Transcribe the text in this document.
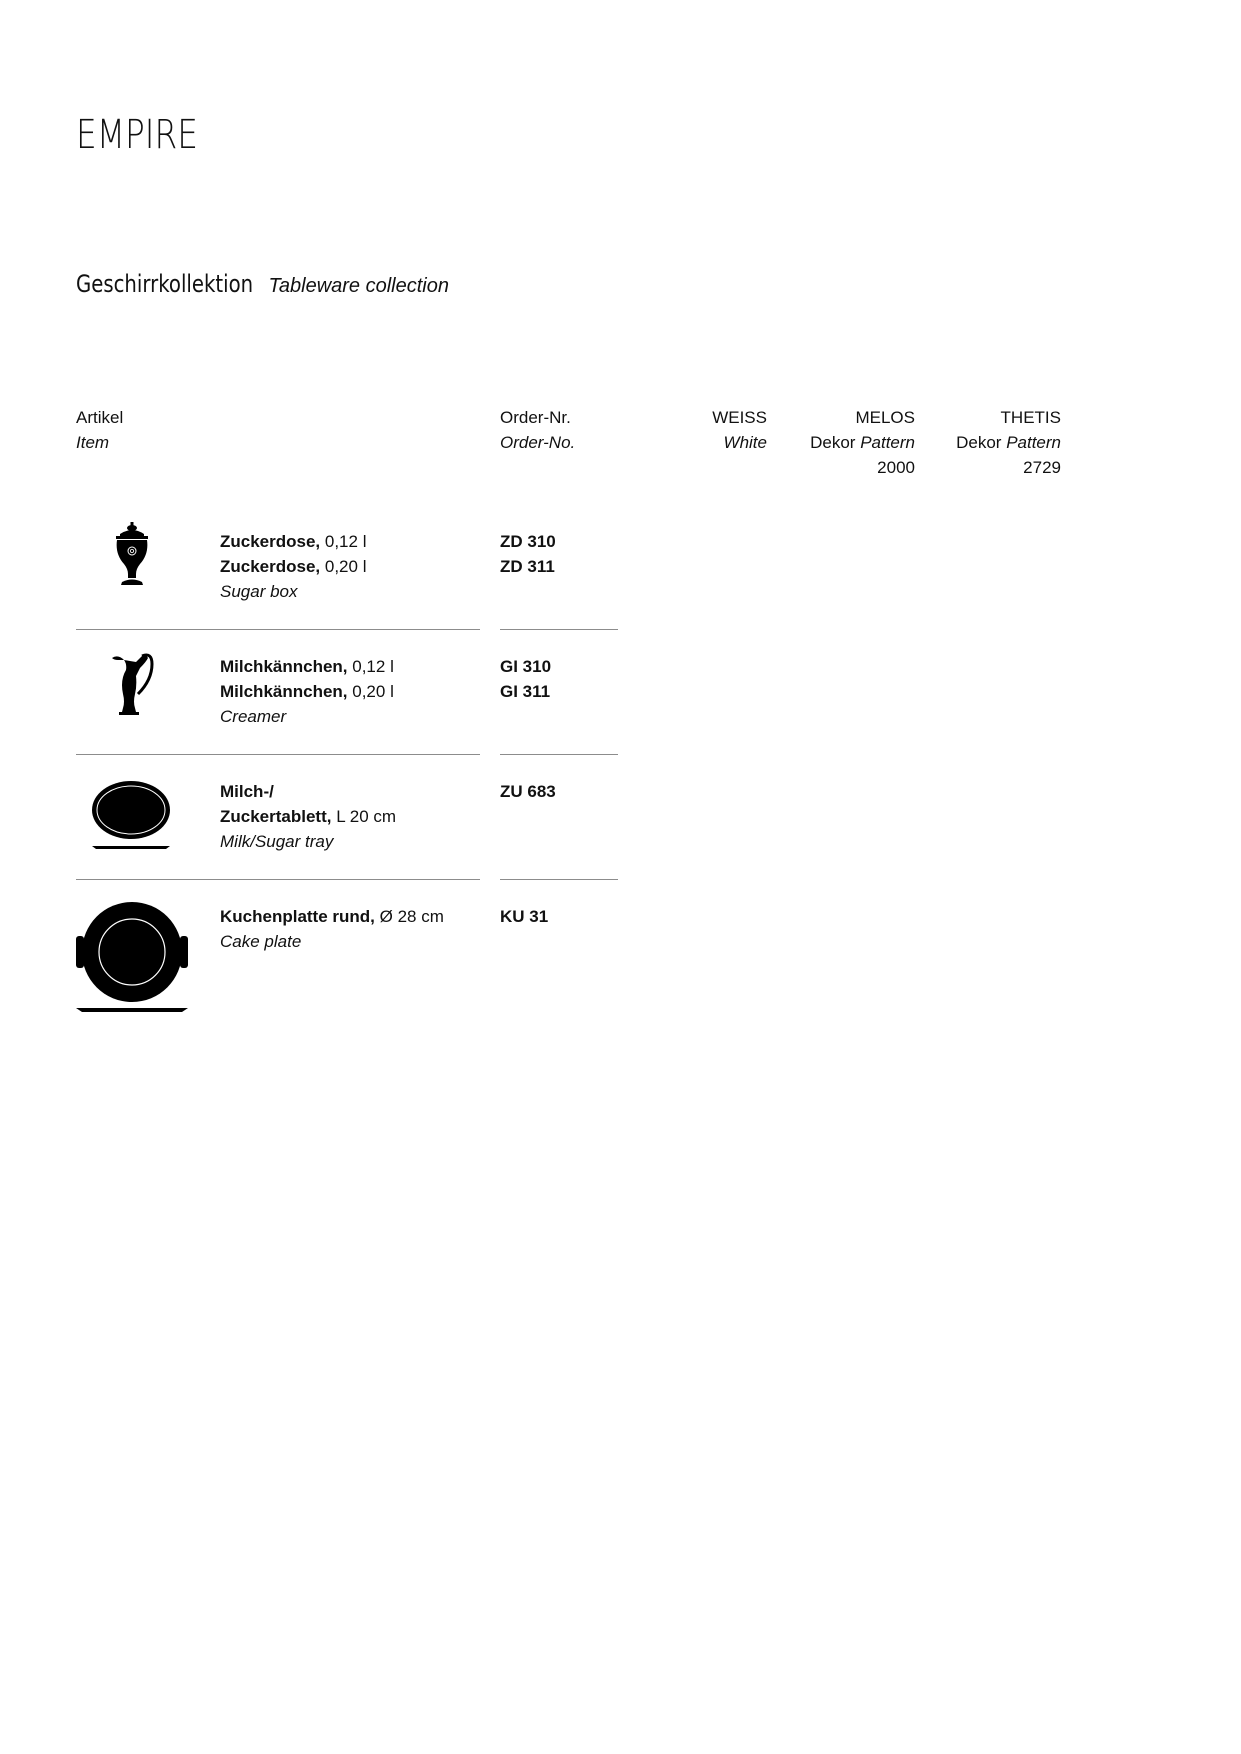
EMPIRE

Geschirrkollektion Tableware collection

Artikel
Item
Order-Nr.
Order-No.
WEISS
White
MELOS
Dekor Pattern
2000
THETIS
Dekor Pattern
2729
Zuckerdose, 0,12 l
Zuckerdose, 0,20 l
Sugar box
ZD 310
ZD 311
Milchkännchen, 0,12 l
Milchkännchen, 0,20 l
Creamer
GI 310
GI 311
Milch-/
Zuckertablett, L 20 cm
Milk/Sugar tray
ZU 683
Kuchenplatte rund, Ø 28 cm
Cake plate
KU 31
